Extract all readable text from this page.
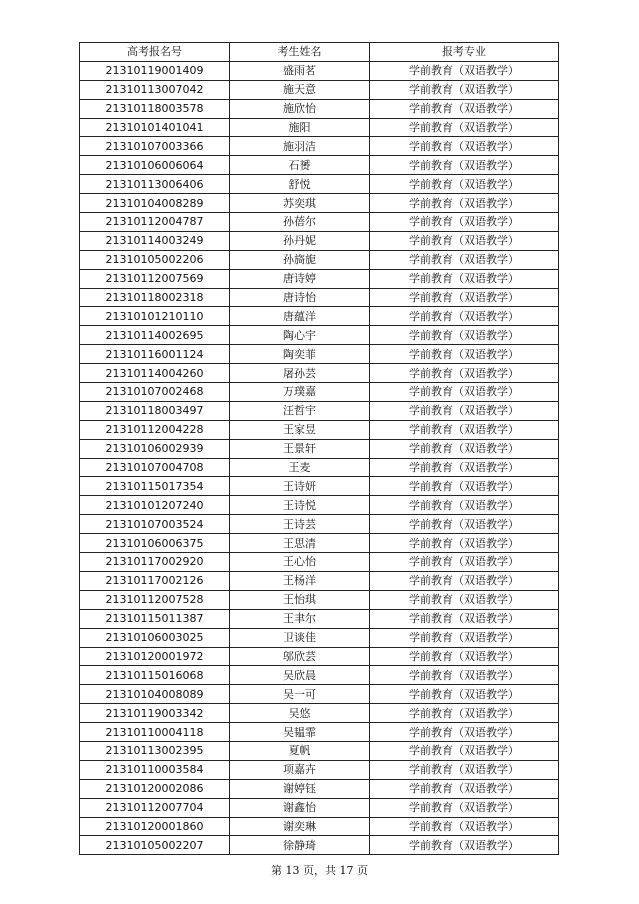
高考报名号	考生姓名	报考专业
21310119001409	盛雨茗	学前教育（双语教学）
21310113007042	施天意	学前教育（双语教学）
21310118003578	施欣怡	学前教育（双语教学）
21310101401041	施阳	学前教育（双语教学）
21310107003366	施羽洁	学前教育（双语教学）
21310106006064	石赟	学前教育（双语教学）
21310113006406	舒悦	学前教育（双语教学）
21310104008289	苏奕琪	学前教育（双语教学）
21310112004787	孙蓓尔	学前教育（双语教学）
21310114003249	孙丹妮	学前教育（双语教学）
21310105002206	孙旖旎	学前教育（双语教学）
21310112007569	唐诗婷	学前教育（双语教学）
21310118002318	唐诗怡	学前教育（双语教学）
21310101210110	唐蕴洋	学前教育（双语教学）
21310114002695	陶心宇	学前教育（双语教学）
21310116001124	陶奕菲	学前教育（双语教学）
21310114004260	屠孙芸	学前教育（双语教学）
21310107002468	万璞嘉	学前教育（双语教学）
21310118003497	汪哲宇	学前教育（双语教学）
21310112004228	王家昱	学前教育（双语教学）
21310106002939	王景轩	学前教育（双语教学）
21310107004708	王麦	学前教育（双语教学）
21310115017354	王诗妍	学前教育（双语教学）
21310101207240	王诗悦	学前教育（双语教学）
21310107003524	王诗芸	学前教育（双语教学）
21310106006375	王思清	学前教育（双语教学）
21310117002920	王心怡	学前教育（双语教学）
21310117002126	王杨洋	学前教育（双语教学）
21310112007528	王怡琪	学前教育（双语教学）
21310115011387	王聿尔	学前教育（双语教学）
21310106003025	卫谈佳	学前教育（双语教学）
21310120001972	邬欣芸	学前教育（双语教学）
21310115016068	吴欣晨	学前教育（双语教学）
21310104008089	吴一可	学前教育（双语教学）
21310119003342	吴悠	学前教育（双语教学）
21310110004118	吴韫霏	学前教育（双语教学）
21310113002395	夏帆	学前教育（双语教学）
21310110003584	项嘉卉	学前教育（双语教学）
21310120002086	谢婷钰	学前教育（双语教学）
21310112007704	谢鑫怡	学前教育（双语教学）
21310120001860	谢奕琳	学前教育（双语教学）
21310105002207	徐静琦	学前教育（双语教学）
第 13 页，共 17 页
